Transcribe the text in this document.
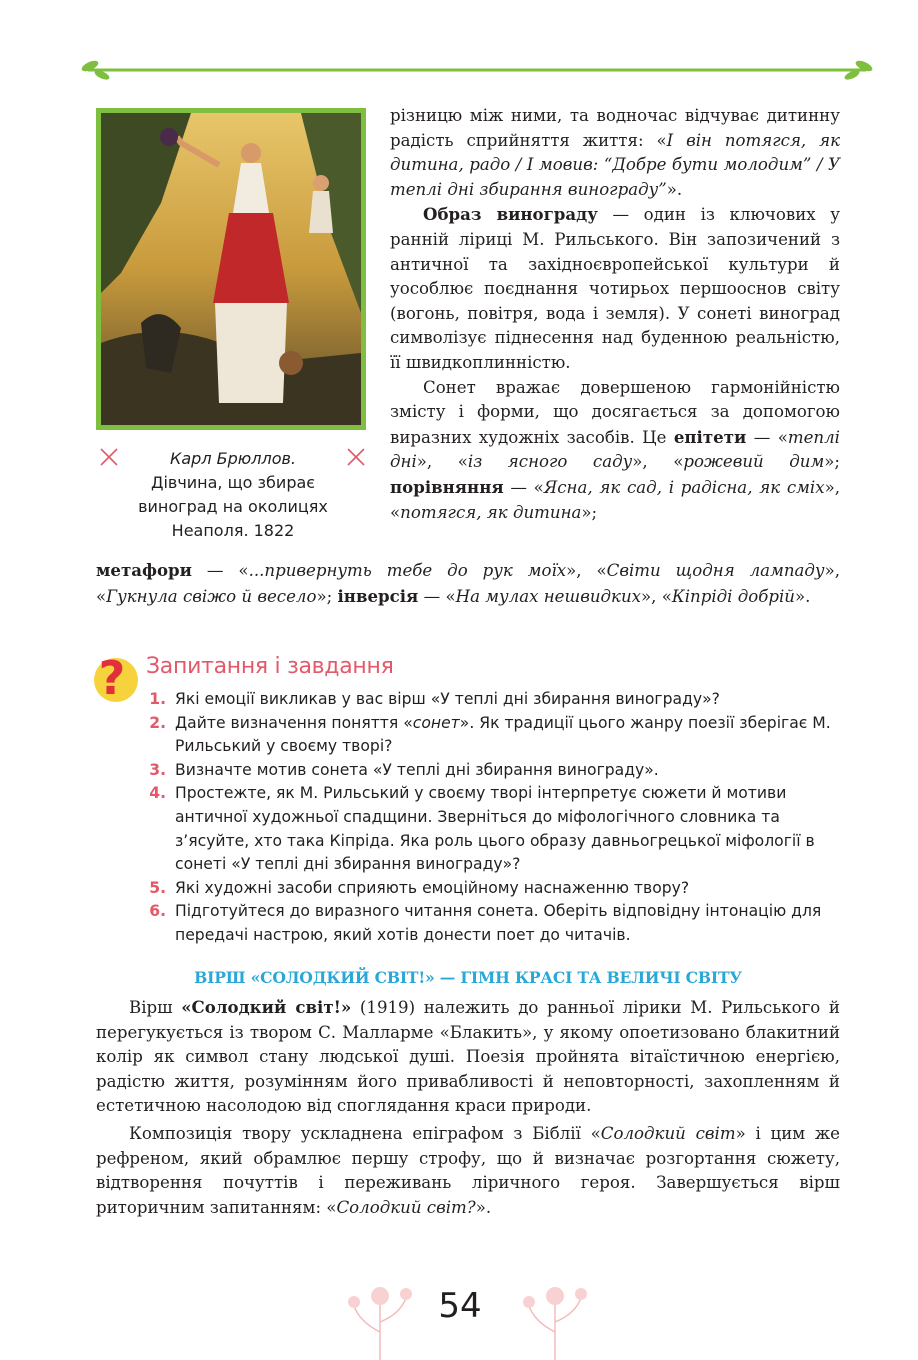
Карл Брюллов.
Дівчина, що збирає
виноград на околицях
Неаполя. 1822

різницю між ними, та водночас відчуває дитинну радість сприйняття життя: «І він потягся, як дитина, радо / І мовив: “Добре бути молодим” / У теплі дні збирання винограду”».

Образ винограду — один із ключових у ранній ліриці М. Рильського. Він запозичений з античної та західноєвропейської культури й уособлює поєднання чотирьох першооснов світу (вогонь, повітря, вода і земля). У сонеті виноград символізує піднесення над буденною реальністю, її швидкоплинністю.

Сонет вражає довершеною гармонійністю змісту і форми, що досягається за допомогою виразних художніх засобів. Це епітети — «теплі дні», «із ясного саду», «рожевий дим»; порівняння — «Ясна, як сад, і радісна, як сміх», «потягся, як дитина»;

метафори — «...привернуть тебе до рук моїх», «Світи щодня лампаду», «Гукнула свіжо й весело»; інверсія — «На мулах нешвидких», «Кіпріді добрій».

? Запитання і завдання
1. Які емоції викликав у вас вірш «У теплі дні збирання винограду»?
2. Дайте визначення поняття «сонет». Як традиції цього жанру поезії зберігає М. Рильський у своєму творі?
3. Визначте мотив сонета «У теплі дні збирання винограду».
4. Простежте, як М. Рильський у своєму творі інтерпретує сюжети й мотиви античної художньої спадщини. Зверніться до міфологічного словника та з’ясуйте, хто така Кіпріда. Яка роль цього образу давньогрецької міфології в сонеті «У теплі дні збирання винограду»?
5. Які художні засоби сприяють емоційному наснаженню твору?
6. Підготуйтеся до виразного читання сонета. Оберіть відповідну інтонацію для передачі настрою, який хотів донести поет до читачів.
ВІРШ «СОЛОДКИЙ СВІТ!» — ГІМН КРАСІ ТА ВЕЛИЧІ СВІТУ

Вірш «Солодкий світ!» (1919) належить до ранньої лірики М. Рильського й перегукується із твором С. Малларме «Блакить», у якому опоетизовано блакитний колір як символ стану людської душі. Поезія пройнята вітаїстичною енергією, радістю життя, розумінням його привабливості й неповторності, захопленням й естетичною насолодою від споглядання краси природи.

Композиція твору ускладнена епіграфом з Біблії «Солодкий світ» і цим же рефреном, який обрамлює першу строфу, що й визначає розгортання сюжету, відтворення почуттів і переживань ліричного героя. Завершується вірш риторичним запитанням: «Солодкий світ?».

54
